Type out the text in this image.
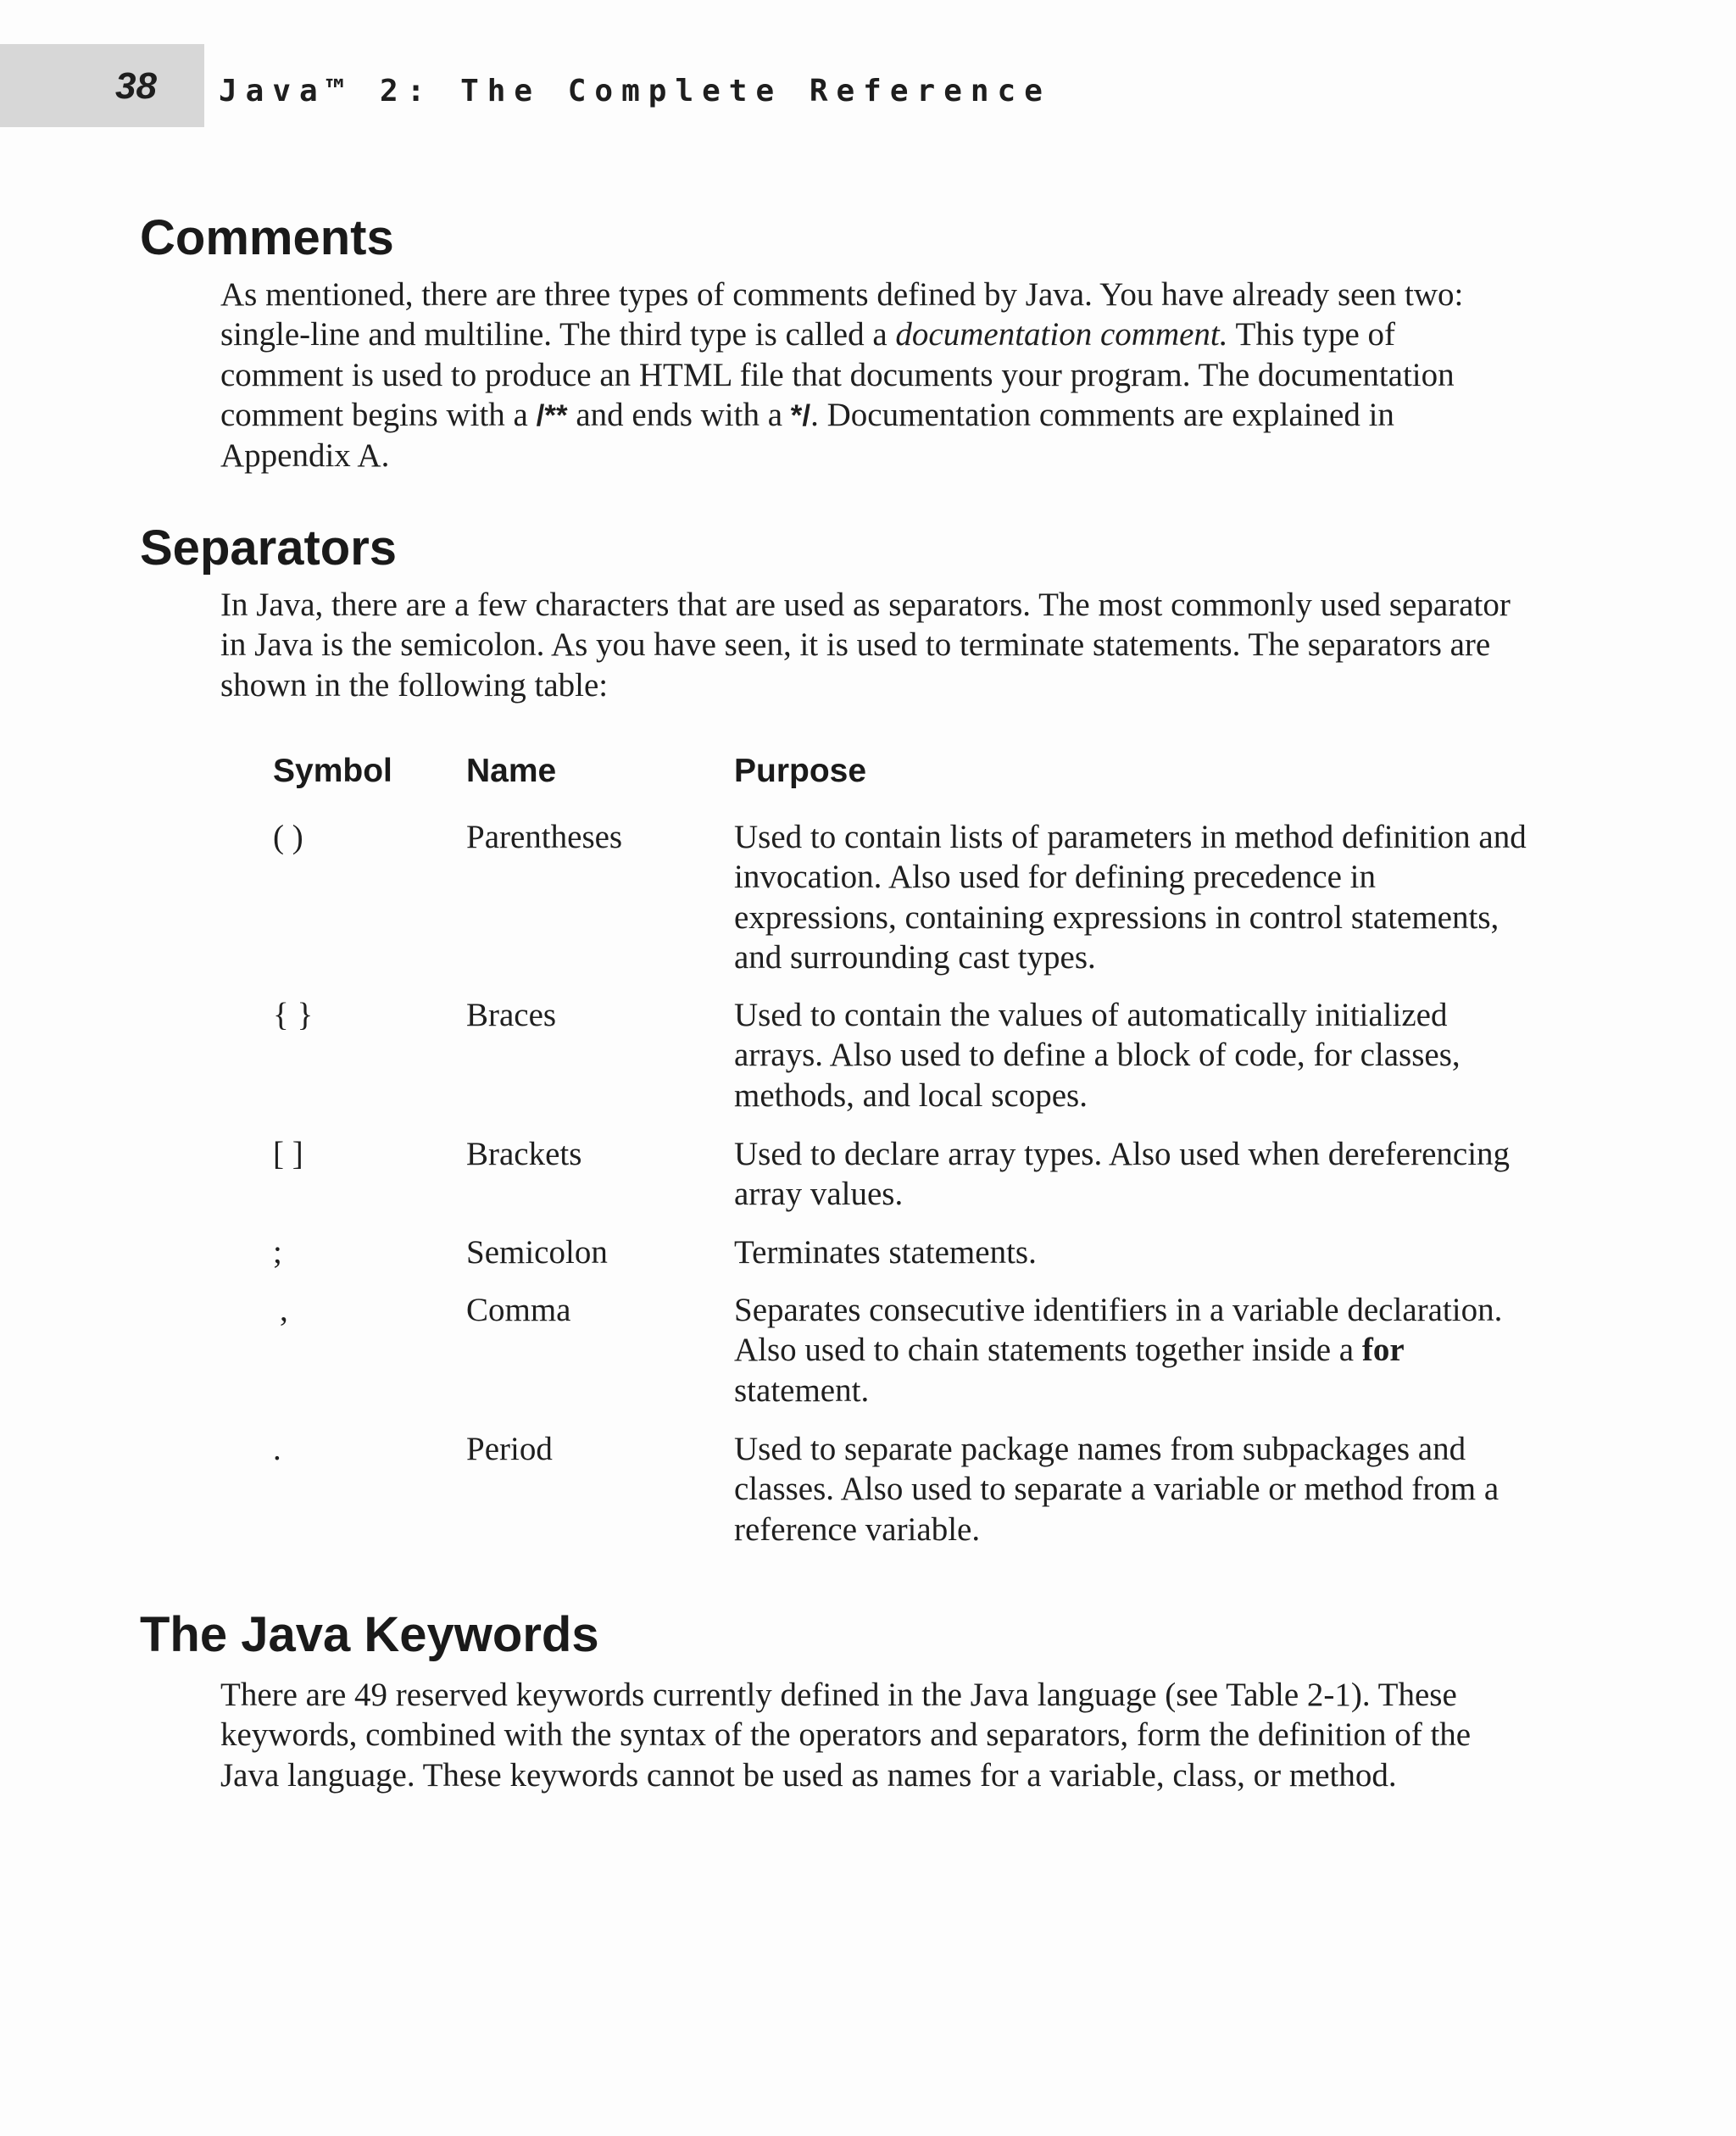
38 Java™ 2: The Complete Reference
Comments

As mentioned, there are three types of comments defined by Java. You have already seen two: single-line and multiline. The third type is called a documentation comment. This type of comment is used to produce an HTML file that documents your program. The documentation comment begins with a /** and ends with a */. Documentation comments are explained in Appendix A.

Separators

In Java, there are a few characters that are used as separators. The most commonly used separator in Java is the semicolon. As you have seen, it is used to terminate statements. The separators are shown in the following table:

Symbol Name	Purpose
( )	Parentheses	Used to contain lists of parameters in method definition and invocation. Also used for defining precedence in expressions, containing expressions in control statements, and surrounding cast types.
{ }	Braces	Used to contain the values of automatically initialized arrays. Also used to define a block of code, for classes, methods, and local scopes.
[ ]	Brackets	Used to declare array types. Also used when dereferencing array values.
;	Semicolon	Terminates statements.
,	Comma	Separates consecutive identifiers in a variable declaration. Also used to chain statements together inside a for statement.
.	Period	Used to separate package names from subpackages and classes. Also used to separate a variable or method from a reference variable.
The Java Keywords

There are 49 reserved keywords currently defined in the Java language (see Table 2-1). These keywords, combined with the syntax of the operators and separators, form the definition of the Java language. These keywords cannot be used as names for a variable, class, or method.
